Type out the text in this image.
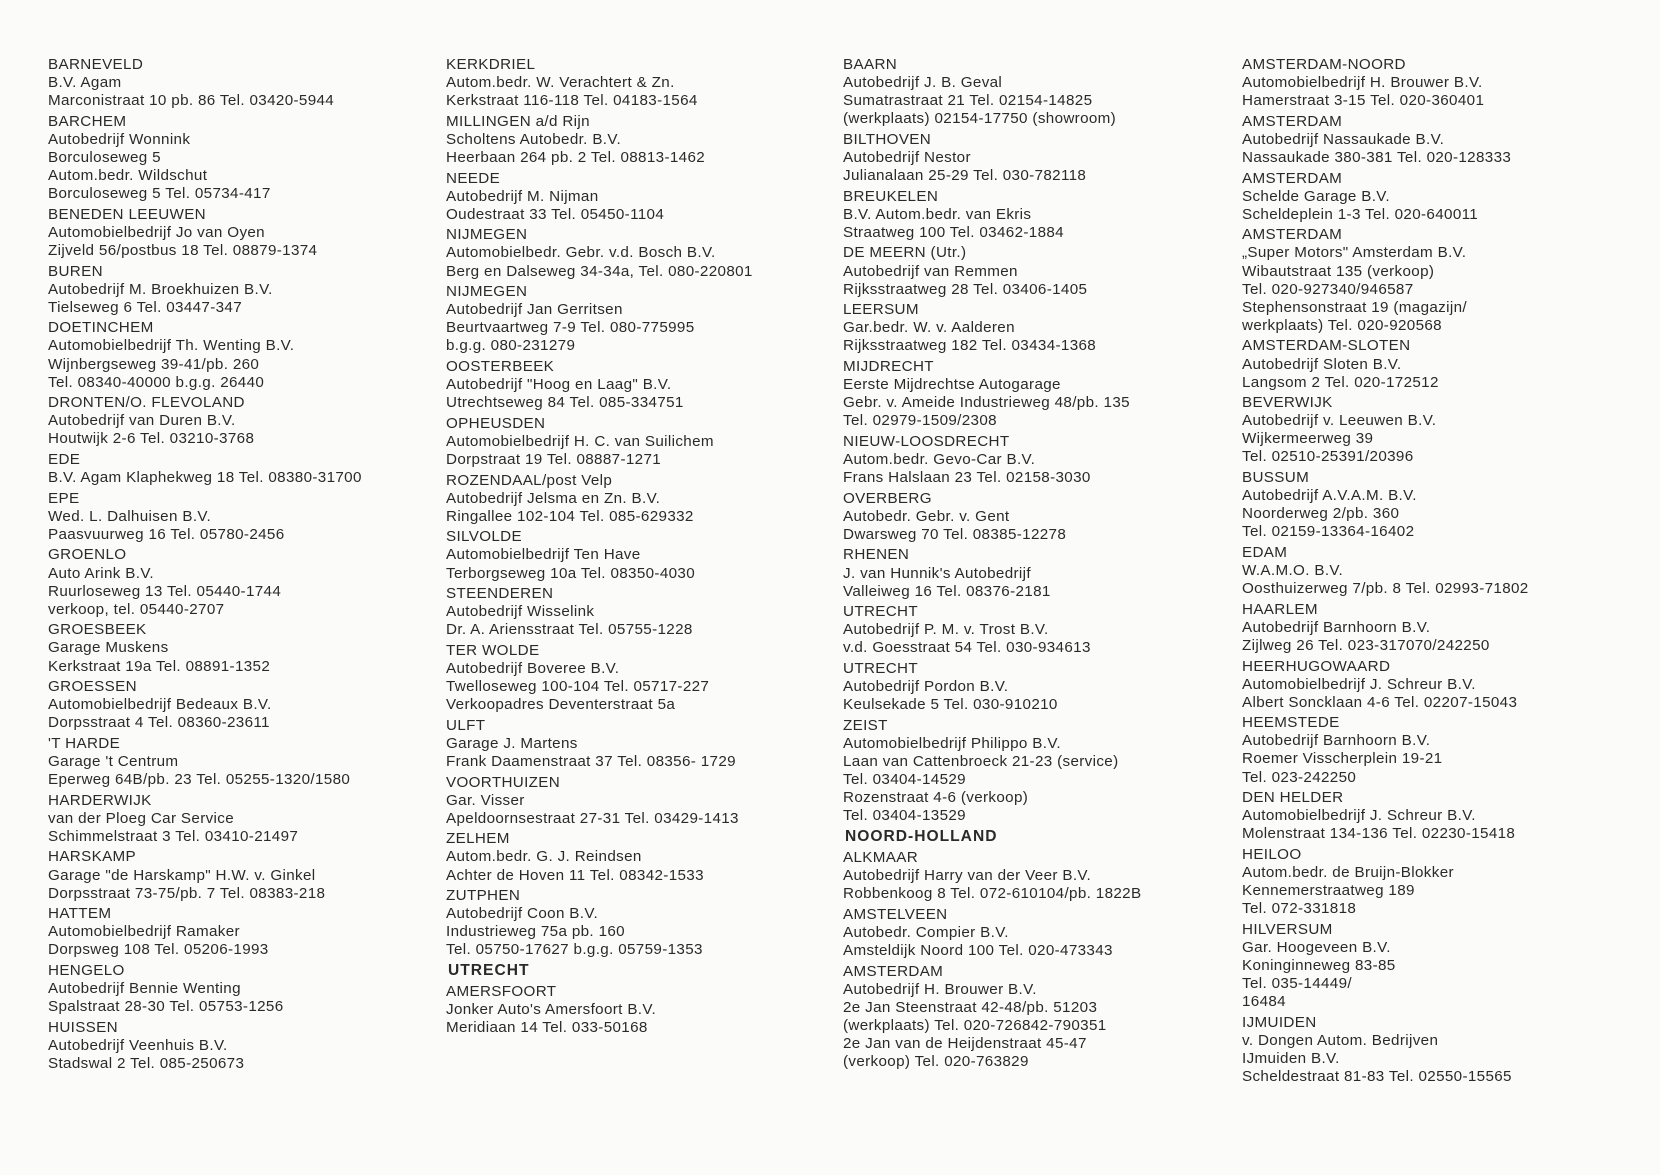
BARNEVELD
B.V. Agam
Marconistraat 10 pb. 86 Tel. 03420-5944
BARCHEM
Autobedrijf Wonnink
Borculoseweg 5
Autom.bedr. Wildschut
Borculoseweg 5 Tel. 05734-417
BENEDEN LEEUWEN
Automobielbedrijf Jo van Oyen
Zijveld 56/postbus 18 Tel. 08879-1374
BUREN
Autobedrijf M. Broekhuizen B.V.
Tielseweg 6 Tel. 03447-347
DOETINCHEM
Automobielbedrijf Th. Wenting B.V.
Wijnbergseweg 39-41/pb. 260
Tel. 08340-40000 b.g.g. 26440
DRONTEN/O. FLEVOLAND
Autobedrijf van Duren B.V.
Houtwijk 2-6 Tel. 03210-3768
EDE
B.V. Agam Klaphekweg 18 Tel. 08380-31700
EPE
Wed. L. Dalhuisen B.V.
Paasvuurweg 16 Tel. 05780-2456
GROENLO
Auto Arink B.V.
Ruurloseweg 13 Tel. 05440-1744
verkoop, tel. 05440-2707
GROESBEEK
Garage Muskens
Kerkstraat 19a Tel. 08891-1352
GROESSEN
Automobielbedrijf Bedeaux B.V.
Dorpsstraat 4 Tel. 08360-23611
'T HARDE
Garage 't Centrum
Eperweg 64B/pb. 23 Tel. 05255-1320/1580
HARDERWIJK
van der Ploeg Car Service
Schimmelstraat 3 Tel. 03410-21497
HARSKAMP
Garage "de Harskamp" H.W. v. Ginkel
Dorpsstraat 73-75/pb. 7 Tel. 08383-218
HATTEM
Automobielbedrijf Ramaker
Dorpsweg 108 Tel. 05206-1993
HENGELO
Autobedrijf Bennie Wenting
Spalstraat 28-30 Tel. 05753-1256
HUISSEN
Autobedrijf Veenhuis B.V.
Stadswal 2 Tel. 085-250673
KERKDRIEL
Autom.bedr. W. Verachtert & Zn.
Kerkstraat 116-118 Tel. 04183-1564
MILLINGEN a/d Rijn
Scholtens Autobedr. B.V.
Heerbaan 264 pb. 2 Tel. 08813-1462
NEEDE
Autobedrijf M. Nijman
Oudestraat 33 Tel. 05450-1104
NIJMEGEN
Automobielbedr. Gebr. v.d. Bosch B.V.
Berg en Dalseweg 34-34a, Tel. 080-220801
NIJMEGEN
Autobedrijf Jan Gerritsen
Beurtvaartweg 7-9 Tel. 080-775995
b.g.g. 080-231279
OOSTERBEEK
Autobedrijf "Hoog en Laag" B.V.
Utrechtseweg 84 Tel. 085-334751
OPHEUSDEN
Automobielbedrijf H. C. van Suilichem
Dorpstraat 19 Tel. 08887-1271
ROZENDAAL/post Velp
Autobedrijf Jelsma en Zn. B.V.
Ringallee 102-104 Tel. 085-629332
SILVOLDE
Automobielbedrijf Ten Have
Terborgseweg 10a Tel. 08350-4030
STEENDEREN
Autobedrijf Wisselink
Dr. A. Ariensstraat Tel. 05755-1228
TER WOLDE
Autobedrijf Boveree B.V.
Twelloseweg 100-104 Tel. 05717-227
Verkoopadres Deventerstraat 5a
ULFT
Garage J. Martens
Frank Daamenstraat 37 Tel. 08356- 1729
VOORTHUIZEN
Gar. Visser
Apeldoornsestraat 27-31 Tel. 03429-1413
ZELHEM
Autom.bedr. G. J. Reindsen
Achter de Hoven 11 Tel. 08342-1533
ZUTPHEN
Autobedrijf Coon B.V.
Industrieweg 75a pb. 160
Tel. 05750-17627 b.g.g. 05759-1353
UTRECHT
AMERSFOORT
Jonker Auto's Amersfoort B.V.
Meridiaan 14 Tel. 033-50168
BAARN
Autobedrijf J. B. Geval
Sumatrastraat 21 Tel. 02154-14825
(werkplaats) 02154-17750 (showroom)
BILTHOVEN
Autobedrijf Nestor
Julianalaan 25-29 Tel. 030-782118
BREUKELEN
B.V. Autom.bedr. van Ekris
Straatweg 100 Tel. 03462-1884
DE MEERN (Utr.)
Autobedrijf van Remmen
Rijksstraatweg 28 Tel. 03406-1405
LEERSUM
Gar.bedr. W. v. Aalderen
Rijksstraatweg 182 Tel. 03434-1368
MIJDRECHT
Eerste Mijdrechtse Autogarage
Gebr. v. Ameide Industrieweg 48/pb. 135
Tel. 02979-1509/2308
NIEUW-LOOSDRECHT
Autom.bedr. Gevo-Car B.V.
Frans Halslaan 23 Tel. 02158-3030
OVERBERG
Autobedr. Gebr. v. Gent
Dwarsweg 70 Tel. 08385-12278
RHENEN
J. van Hunnik's Autobedrijf
Valleiweg 16 Tel. 08376-2181
UTRECHT
Autobedrijf P. M. v. Trost B.V.
v.d. Goesstraat 54 Tel. 030-934613
UTRECHT
Autobedrijf Pordon B.V.
Keulsekade 5 Tel. 030-910210
ZEIST
Automobielbedrijf Philippo B.V.
Laan van Cattenbroeck 21-23 (service)
Tel. 03404-14529
Rozenstraat 4-6 (verkoop)
Tel. 03404-13529
NOORD-HOLLAND
ALKMAAR
Autobedrijf Harry van der Veer B.V.
Robbenkoog 8 Tel. 072-610104/pb. 1822B
AMSTELVEEN
Autobedr. Compier B.V.
Amsteldijk Noord 100 Tel. 020-473343
AMSTERDAM
Autobedrijf H. Brouwer B.V.
2e Jan Steenstraat 42-48/pb. 51203
(werkplaats) Tel. 020-726842-790351
2e Jan van de Heijdenstraat 45-47
(verkoop) Tel. 020-763829
AMSTERDAM-NOORD
Automobielbedrijf H. Brouwer B.V.
Hamerstraat 3-15 Tel. 020-360401
AMSTERDAM
Autobedrijf Nassaukade B.V.
Nassaukade 380-381 Tel. 020-128333
AMSTERDAM
Schelde Garage B.V.
Scheldeplein 1-3 Tel. 020-640011
AMSTERDAM
„Super Motors" Amsterdam B.V.
Wibautstraat 135 (verkoop)
Tel. 020-927340/946587
Stephensonstraat 19 (magazijn/
werkplaats) Tel. 020-920568
AMSTERDAM-SLOTEN
Autobedrijf Sloten B.V.
Langsom 2 Tel. 020-172512
BEVERWIJK
Autobedrijf v. Leeuwen B.V.
Wijkermeerweg 39
Tel. 02510-25391/20396
BUSSUM
Autobedrijf A.V.A.M. B.V.
Noorderweg 2/pb. 360
Tel. 02159-13364-16402
EDAM
W.A.M.O. B.V.
Oosthuizerweg 7/pb. 8 Tel. 02993-71802
HAARLEM
Autobedrijf Barnhoorn B.V.
Zijlweg 26 Tel. 023-317070/242250
HEERHUGOWAARD
Automobielbedrijf J. Schreur B.V.
Albert Soncklaan 4-6 Tel. 02207-15043
HEEMSTEDE
Autobedrijf Barnhoorn B.V.
Roemer Visscherplein 19-21
Tel. 023-242250
DEN HELDER
Automobielbedrijf J. Schreur B.V.
Molenstraat 134-136 Tel. 02230-15418
HEILOO
Autom.bedr. de Bruijn-Blokker
Kennemerstraatweg 189
Tel. 072-331818
HILVERSUM
Gar. Hoogeveen B.V.
Koninginneweg 83-85
Tel. 035-14449/
16484
IJMUIDEN
v. Dongen Autom. Bedrijven
IJmuiden B.V.
Scheldestraat 81-83 Tel. 02550-15565
